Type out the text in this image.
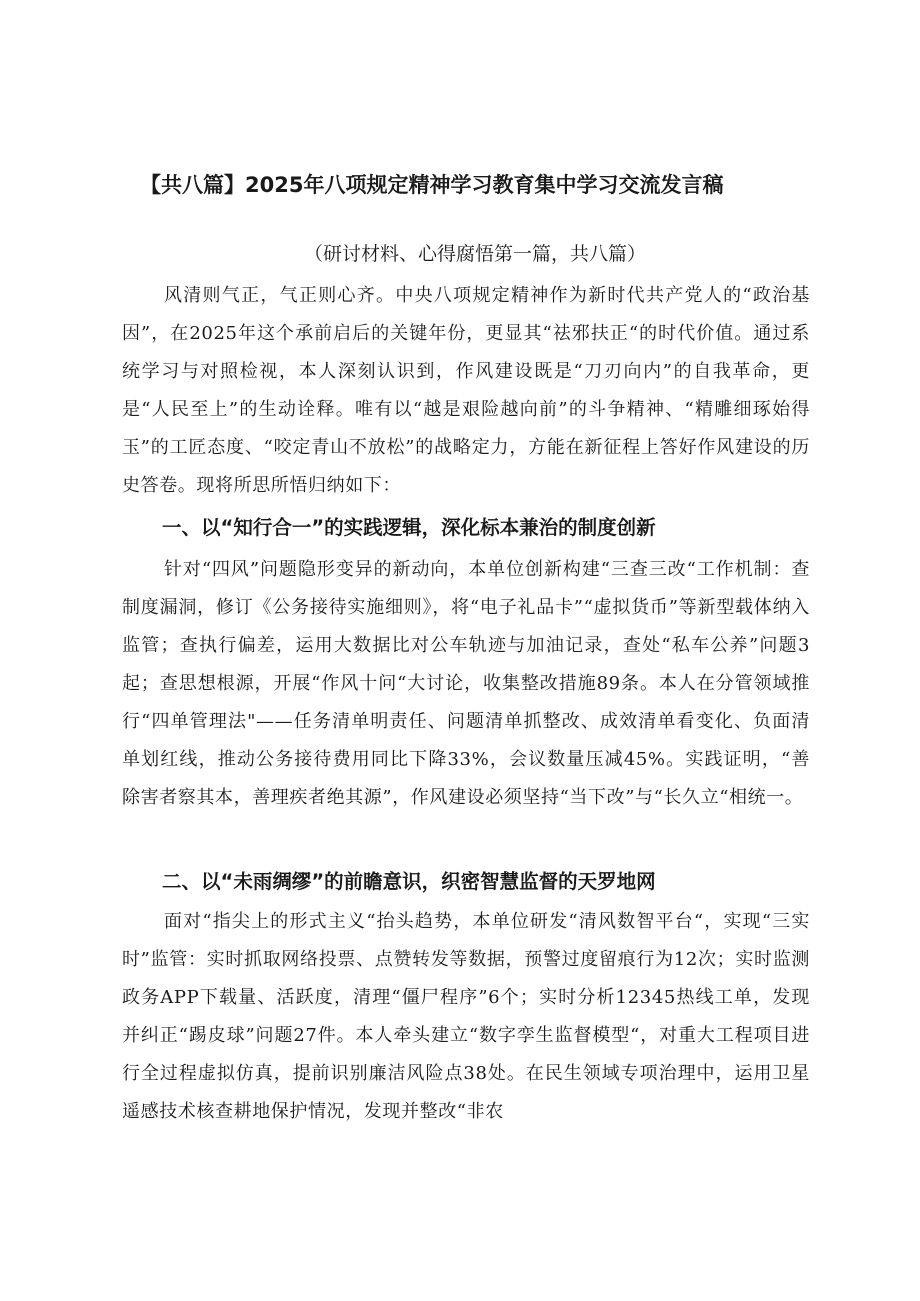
【共八篇】2025年八项规定精神学习教育集中学习交流发言稿
（研讨材料、心得腐悟第一篇，共八篇）

风清则气正，气正则心齐。中央八项规定精神作为新时代共产党人的“政治基因”，在2025年这个承前启后的关键年份，更显其“祛邪扶正“的时代价值。通过系统学习与对照检视，本人深刻认识到，作风建设既是“刀刃向内”的自我革命，更是“人民至上”的生动诠释。唯有以“越是艰险越向前”的斗争精神、“精雕细琢始得玉”的工匠态度、“咬定青山不放松”的战略定力，方能在新征程上答好作风建设的历史答卷。现将所思所悟归纳如下：

一、以“知行合一”的实践逻辑，深化标本兼治的制度创新

针对“四风”问题隐形变异的新动向，本单位创新构建“三查三改“工作机制：查制度漏洞，修订《公务接待实施细则》，将“电子礼品卡”“虚拟货币”等新型载体纳入监管；查执行偏差，运用大数据比对公车轨迹与加油记录，查处“私车公养”问题3起；查思想根源，开展“作风十问“大讨论，收集整改措施89条。本人在分管领域推行“四单管理法"——任务清单明责任、问题清单抓整改、成效清单看变化、负面清单划红线，推动公务接待费用同比下降33%，会议数量压减45%。实践证明，“善除害者察其本，善理疾者绝其源”，作风建设必须坚持“当下改”与“长久立“相统一。

二、以“未雨绸缪”的前瞻意识，织密智慧监督的天罗地网

面对“指尖上的形式主义“抬头趋势，本单位研发“清风数智平台“，实现“三实时”监管：实时抓取网络投票、点赞转发等数据，预警过度留痕行为12次；实时监测政务APP下载量、活跃度，清理“僵尸程序”6个；实时分析12345热线工单，发现并纠正“踢皮球”问题27件。本人牵头建立“数字孪生监督模型“，对重大工程项目进行全过程虚拟仿真，提前识别廉洁风险点38处。在民生领域专项治理中，运用卫星遥感技术核查耕地保护情况，发现并整改“非农
